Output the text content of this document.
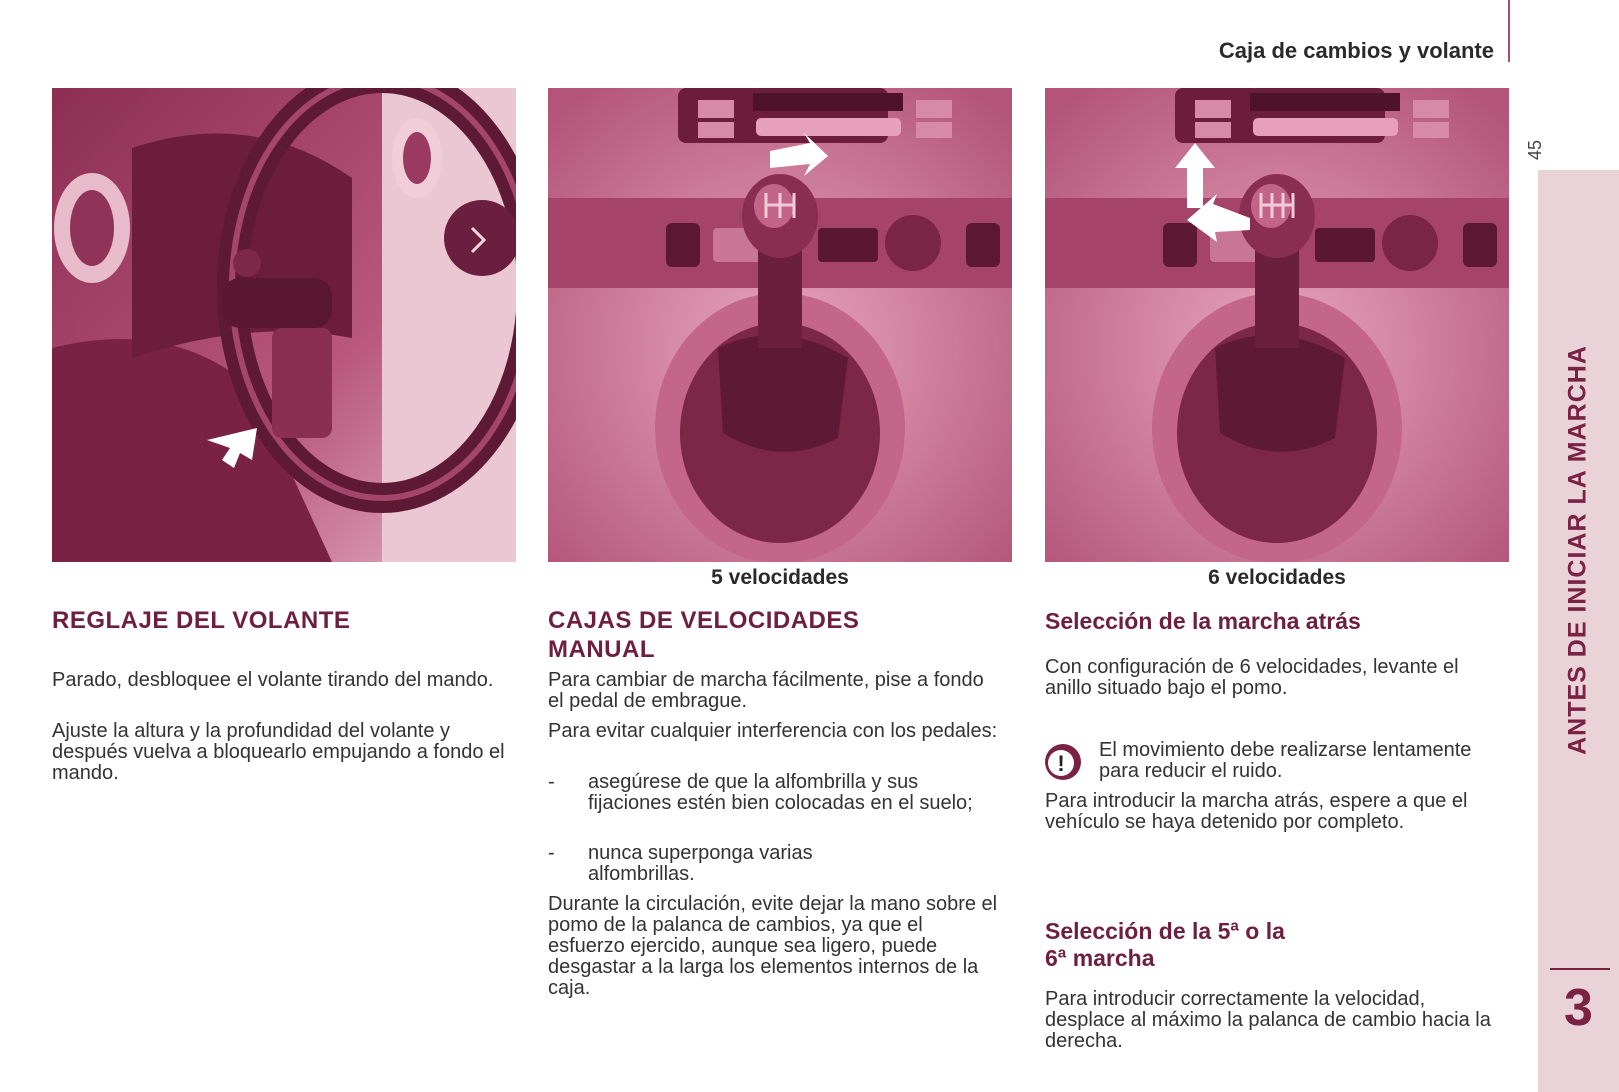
Caja de cambios y volante
45
ANTES DE INICIAR LA MARCHA
3
5 velocidades	6 velocidades
REGLAJE DEL VOLANTE

Parado, desbloquee el volante tirando del mando.

Ajuste la altura y la profundidad del volante y después vuelva a bloquearlo empujando a fondo el mando.

CAJAS DE VELOCIDADES
MANUAL

Para cambiar de marcha fácilmente, pise a fondo el pedal de embrague.

Para evitar cualquier interferencia con los pedales:

- asegúrese de que la alfombrilla y sus fijaciones estén bien colocadas en el suelo;
- nunca superponga varias alfombrillas.

Durante la circulación, evite dejar la mano sobre el pomo de la palanca de cambios, ya que el esfuerzo ejercido, aunque sea ligero, puede desgastar a la larga los elementos internos de la caja.

Selección de la marcha atrás

Con configuración de 6 velocidades, levante el anillo situado bajo el pomo.

!

El movimiento debe realizarse lentamente para reducir el ruido.

Para introducir la marcha atrás, espere a que el vehículo se haya detenido por completo.

Selección de la 5ª o la
6ª marcha

Para introducir correctamente la velocidad, desplace al máximo la palanca de cambio hacia la derecha.
